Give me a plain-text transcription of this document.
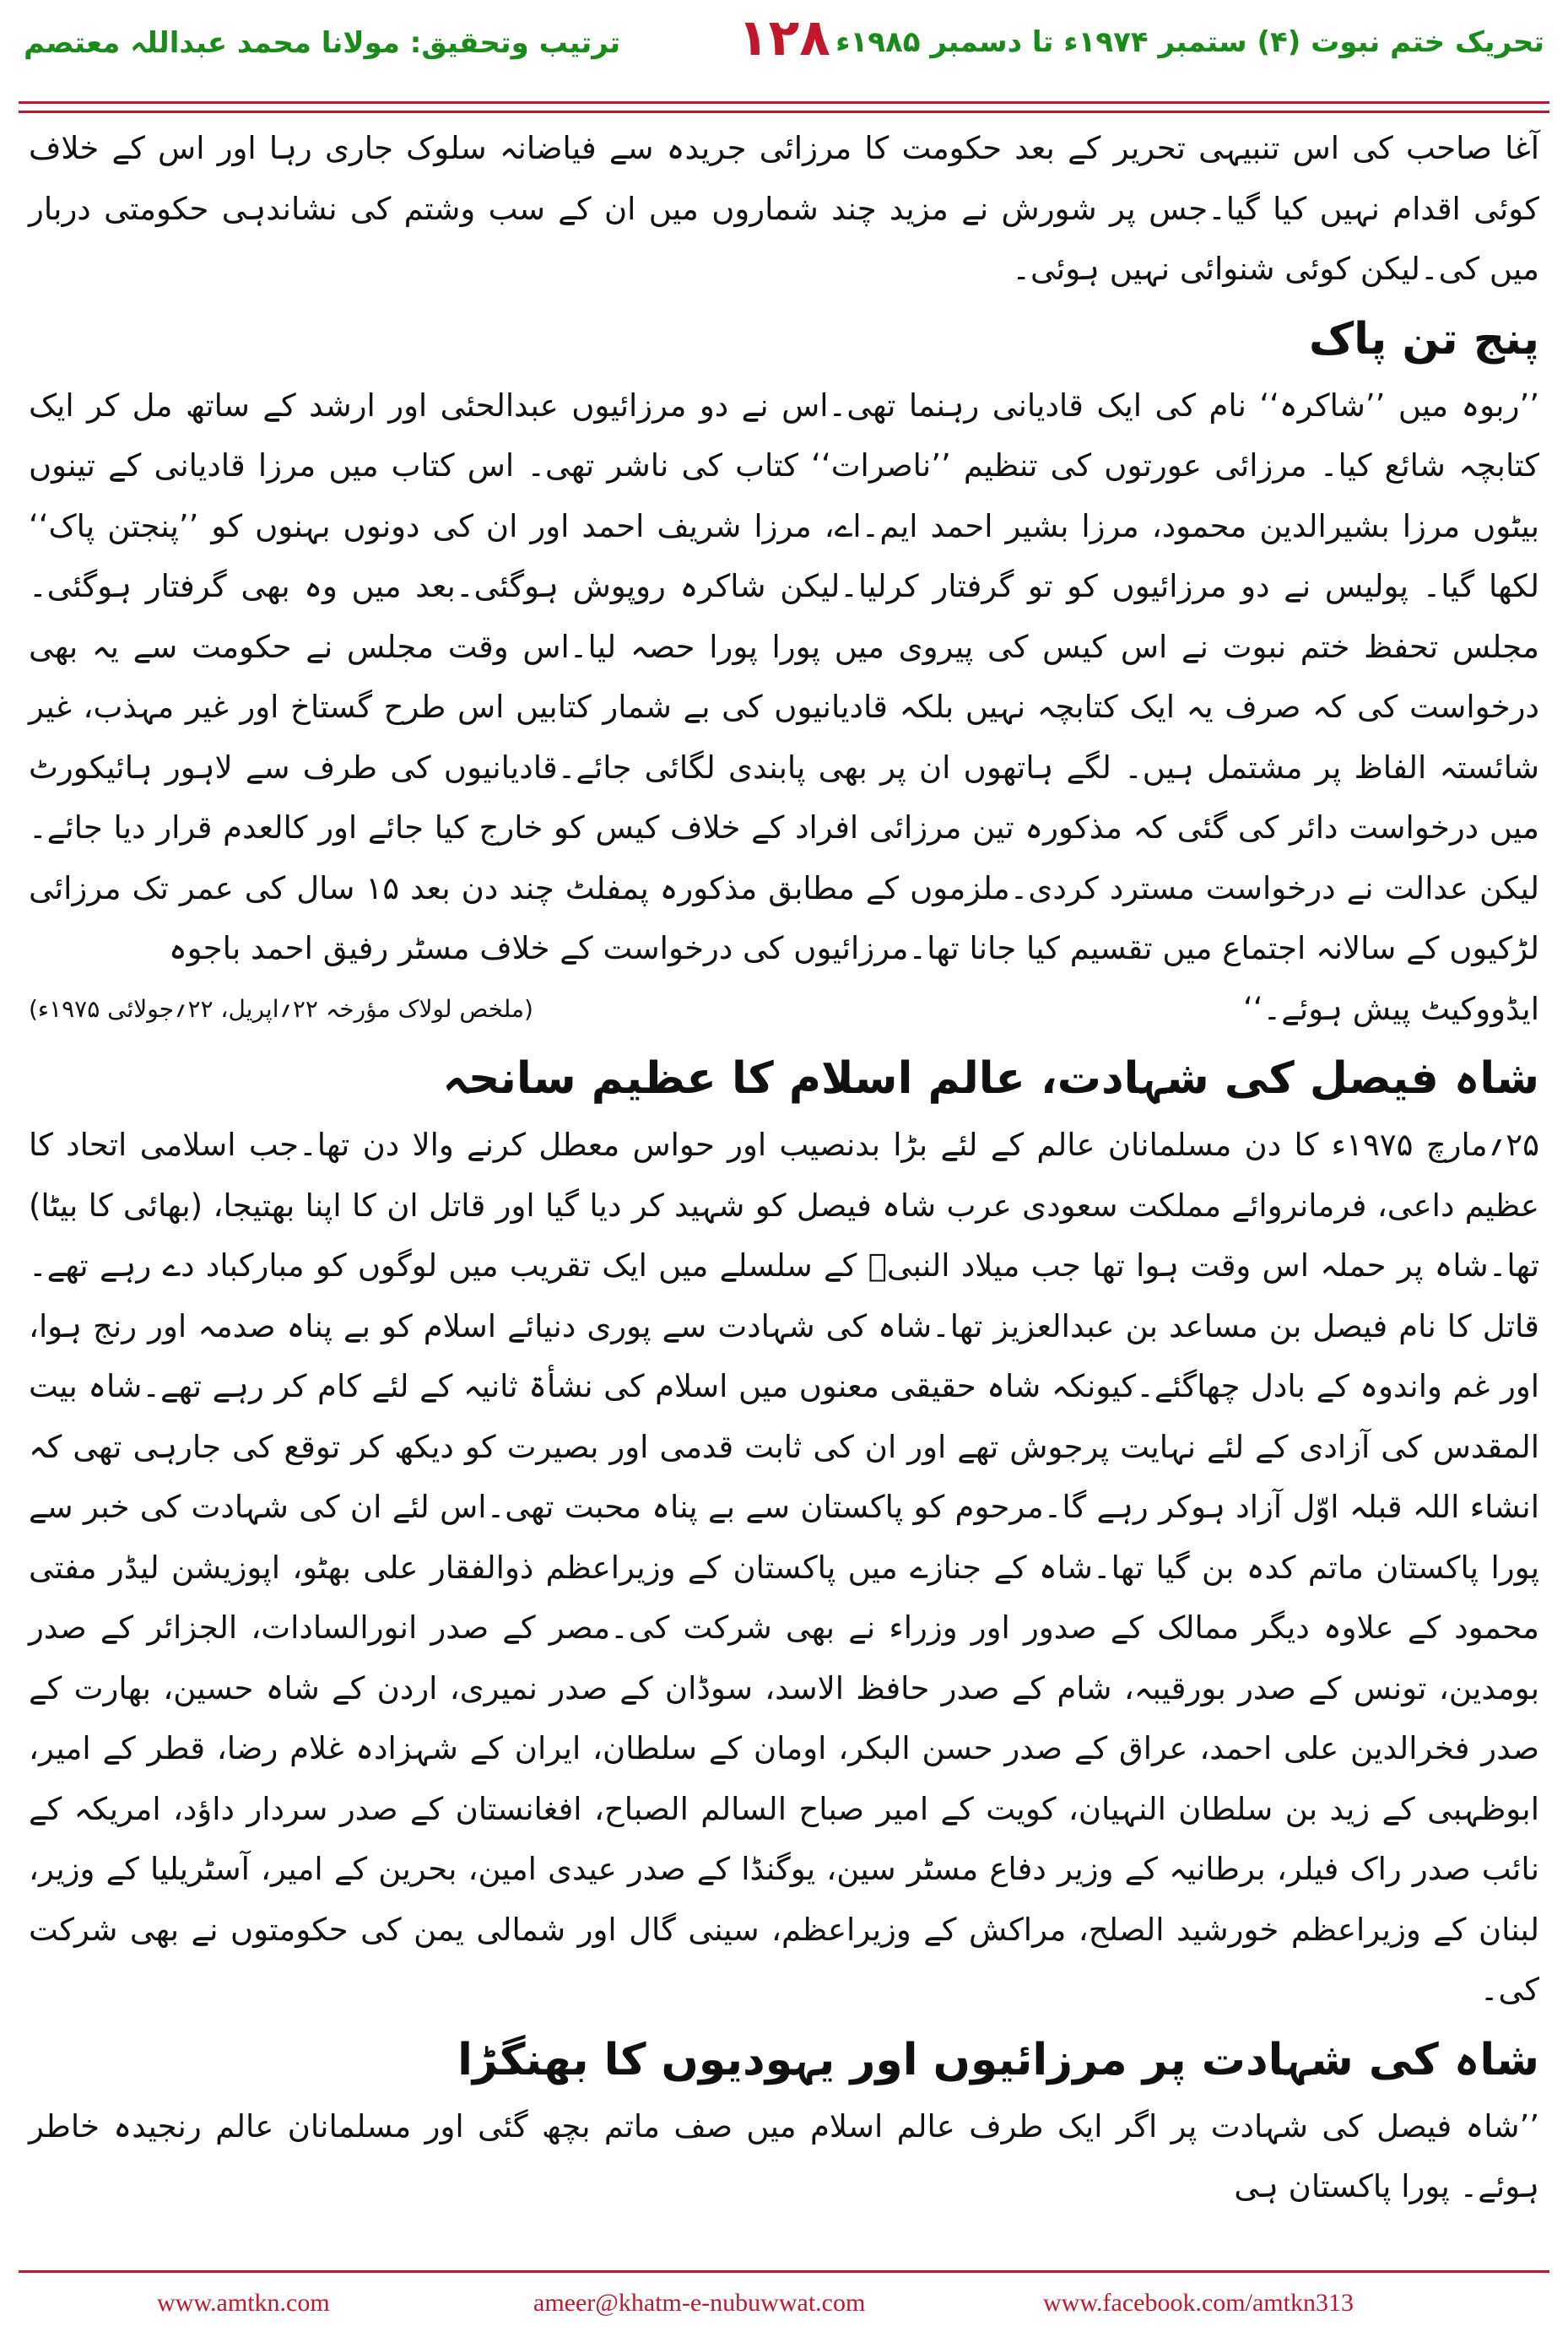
ترتیب وتحقیق: مولانا محمد عبداللہ معتصم	۱۲۸ تحریک ختم نبوت (۴) ستمبر ۱۹۷۴ء تا دسمبر ۱۹۸۵ء

آغا صاحب کی اس تنبیہی تحریر کے بعد حکومت کا مرزائی جریدہ سے فیاضانہ سلوک جاری رہا اور اس کے خلاف کوئی اقدام نہیں کیا گیا۔جس پر شورش نے مزید چند شماروں میں ان کے سب وشتم کی نشاندہی حکومتی دربار میں کی۔لیکن کوئی شنوائی نہیں ہوئی۔

پنج تن پاک

’’ربوہ میں ’’شاکرہ‘‘ نام کی ایک قادیانی رہنما تھی۔اس نے دو مرزائیوں عبدالحئی اور ارشد کے ساتھ مل کر ایک کتابچہ شائع کیا۔ مرزائی عورتوں کی تنظیم ’’ناصرات‘‘ کتاب کی ناشر تھی۔ اس کتاب میں مرزا قادیانی کے تینوں بیٹوں مرزا بشیرالدین محمود، مرزا بشیر احمد ایم۔اے، مرزا شریف احمد اور ان کی دونوں بہنوں کو ’’پنجتن پاک‘‘ لکھا گیا۔ پولیس نے دو مرزائیوں کو تو گرفتار کرلیا۔لیکن شاکرہ روپوش ہوگئی۔بعد میں وہ بھی گرفتار ہوگئی۔مجلس تحفظ ختم نبوت نے اس کیس کی پیروی میں پورا پورا حصہ لیا۔اس وقت مجلس نے حکومت سے یہ بھی درخواست کی کہ صرف یہ ایک کتابچہ نہیں بلکہ قادیانیوں کی بے شمار کتابیں اس طرح گستاخ اور غیر مہذب، غیر شائستہ الفاظ پر مشتمل ہیں۔ لگے ہاتھوں ان پر بھی پابندی لگائی جائے۔قادیانیوں کی طرف سے لاہور ہائیکورٹ میں درخواست دائر کی گئی کہ مذکورہ تین مرزائی افراد کے خلاف کیس کو خارج کیا جائے اور کالعدم قرار دیا جائے۔لیکن عدالت نے درخواست مسترد کردی۔ملزموں کے مطابق مذکورہ پمفلٹ چند دن بعد ۱۵ سال کی عمر تک مرزائی لڑکیوں کے سالانہ اجتماع میں تقسیم کیا جانا تھا۔مرزائیوں کی درخواست کے خلاف مسٹر رفیق احمد باجوہ

ایڈووکیٹ پیش ہوئے۔‘‘
(ملخص لولاک مؤرخہ ۲۲؍اپریل، ۲۲؍جولائی ۱۹۷۵ء)
شاہ فیصل کی شہادت، عالم اسلام کا عظیم سانحہ

۲۵؍مارچ ۱۹۷۵ء کا دن مسلمانان عالم کے لئے بڑا بدنصیب اور حواس معطل کرنے والا دن تھا۔جب اسلامی اتحاد کا عظیم داعی، فرمانروائے مملکت سعودی عرب شاہ فیصل کو شہید کر دیا گیا اور قاتل ان کا اپنا بھتیجا، (بھائی کا بیٹا) تھا۔شاہ پر حملہ اس وقت ہوا تھا جب میلاد النبیؐ کے سلسلے میں ایک تقریب میں لوگوں کو مبارکباد دے رہے تھے۔قاتل کا نام فیصل بن مساعد بن عبدالعزیز تھا۔شاہ کی شہادت سے پوری دنیائے اسلام کو بے پناہ صدمہ اور رنج ہوا، اور غم واندوہ کے بادل چھاگئے۔کیونکہ شاہ حقیقی معنوں میں اسلام کی نشأۃ ثانیہ کے لئے کام کر رہے تھے۔شاہ بیت المقدس کی آزادی کے لئے نہایت پرجوش تھے اور ان کی ثابت قدمی اور بصیرت کو دیکھ کر توقع کی جارہی تھی کہ انشاء اللہ قبلہ اوّل آزاد ہوکر رہے گا۔مرحوم کو پاکستان سے بے پناہ محبت تھی۔اس لئے ان کی شہادت کی خبر سے پورا پاکستان ماتم کدہ بن گیا تھا۔شاہ کے جنازے میں پاکستان کے وزیراعظم ذوالفقار علی بھٹو، اپوزیشن لیڈر مفتی محمود کے علاوہ دیگر ممالک کے صدور اور وزراء نے بھی شرکت کی۔مصر کے صدر انورالسادات، الجزائر کے صدر بومدین، تونس کے صدر بورقیبہ، شام کے صدر حافظ الاسد، سوڈان کے صدر نمیری، اردن کے شاہ حسین، بھارت کے صدر فخرالدین علی احمد، عراق کے صدر حسن البکر، اومان کے سلطان، ایران کے شہزادہ غلام رضا، قطر کے امیر، ابوظہبی کے زید بن سلطان النہیان، کویت کے امیر صباح السالم الصباح، افغانستان کے صدر سردار داؤد، امریکہ کے نائب صدر راک فیلر، برطانیہ کے وزیر دفاع مسٹر سین، یوگنڈا کے صدر عیدی امین، بحرین کے امیر، آسٹریلیا کے وزیر، لبنان کے وزیراعظم خورشید الصلح، مراکش کے وزیراعظم، سینی گال اور شمالی یمن کی حکومتوں نے بھی شرکت کی۔

شاہ کی شہادت پر مرزائیوں اور یہودیوں کا بھنگڑا

’’شاہ فیصل کی شہادت پر اگر ایک طرف عالم اسلام میں صف ماتم بچھ گئی اور مسلمانان عالم رنجیدہ خاطر ہوئے۔ پورا پاکستان ہی

www.amtkn.com	ameer@khatm-e-nubuwwat.com	www.facebook.com/amtkn313
